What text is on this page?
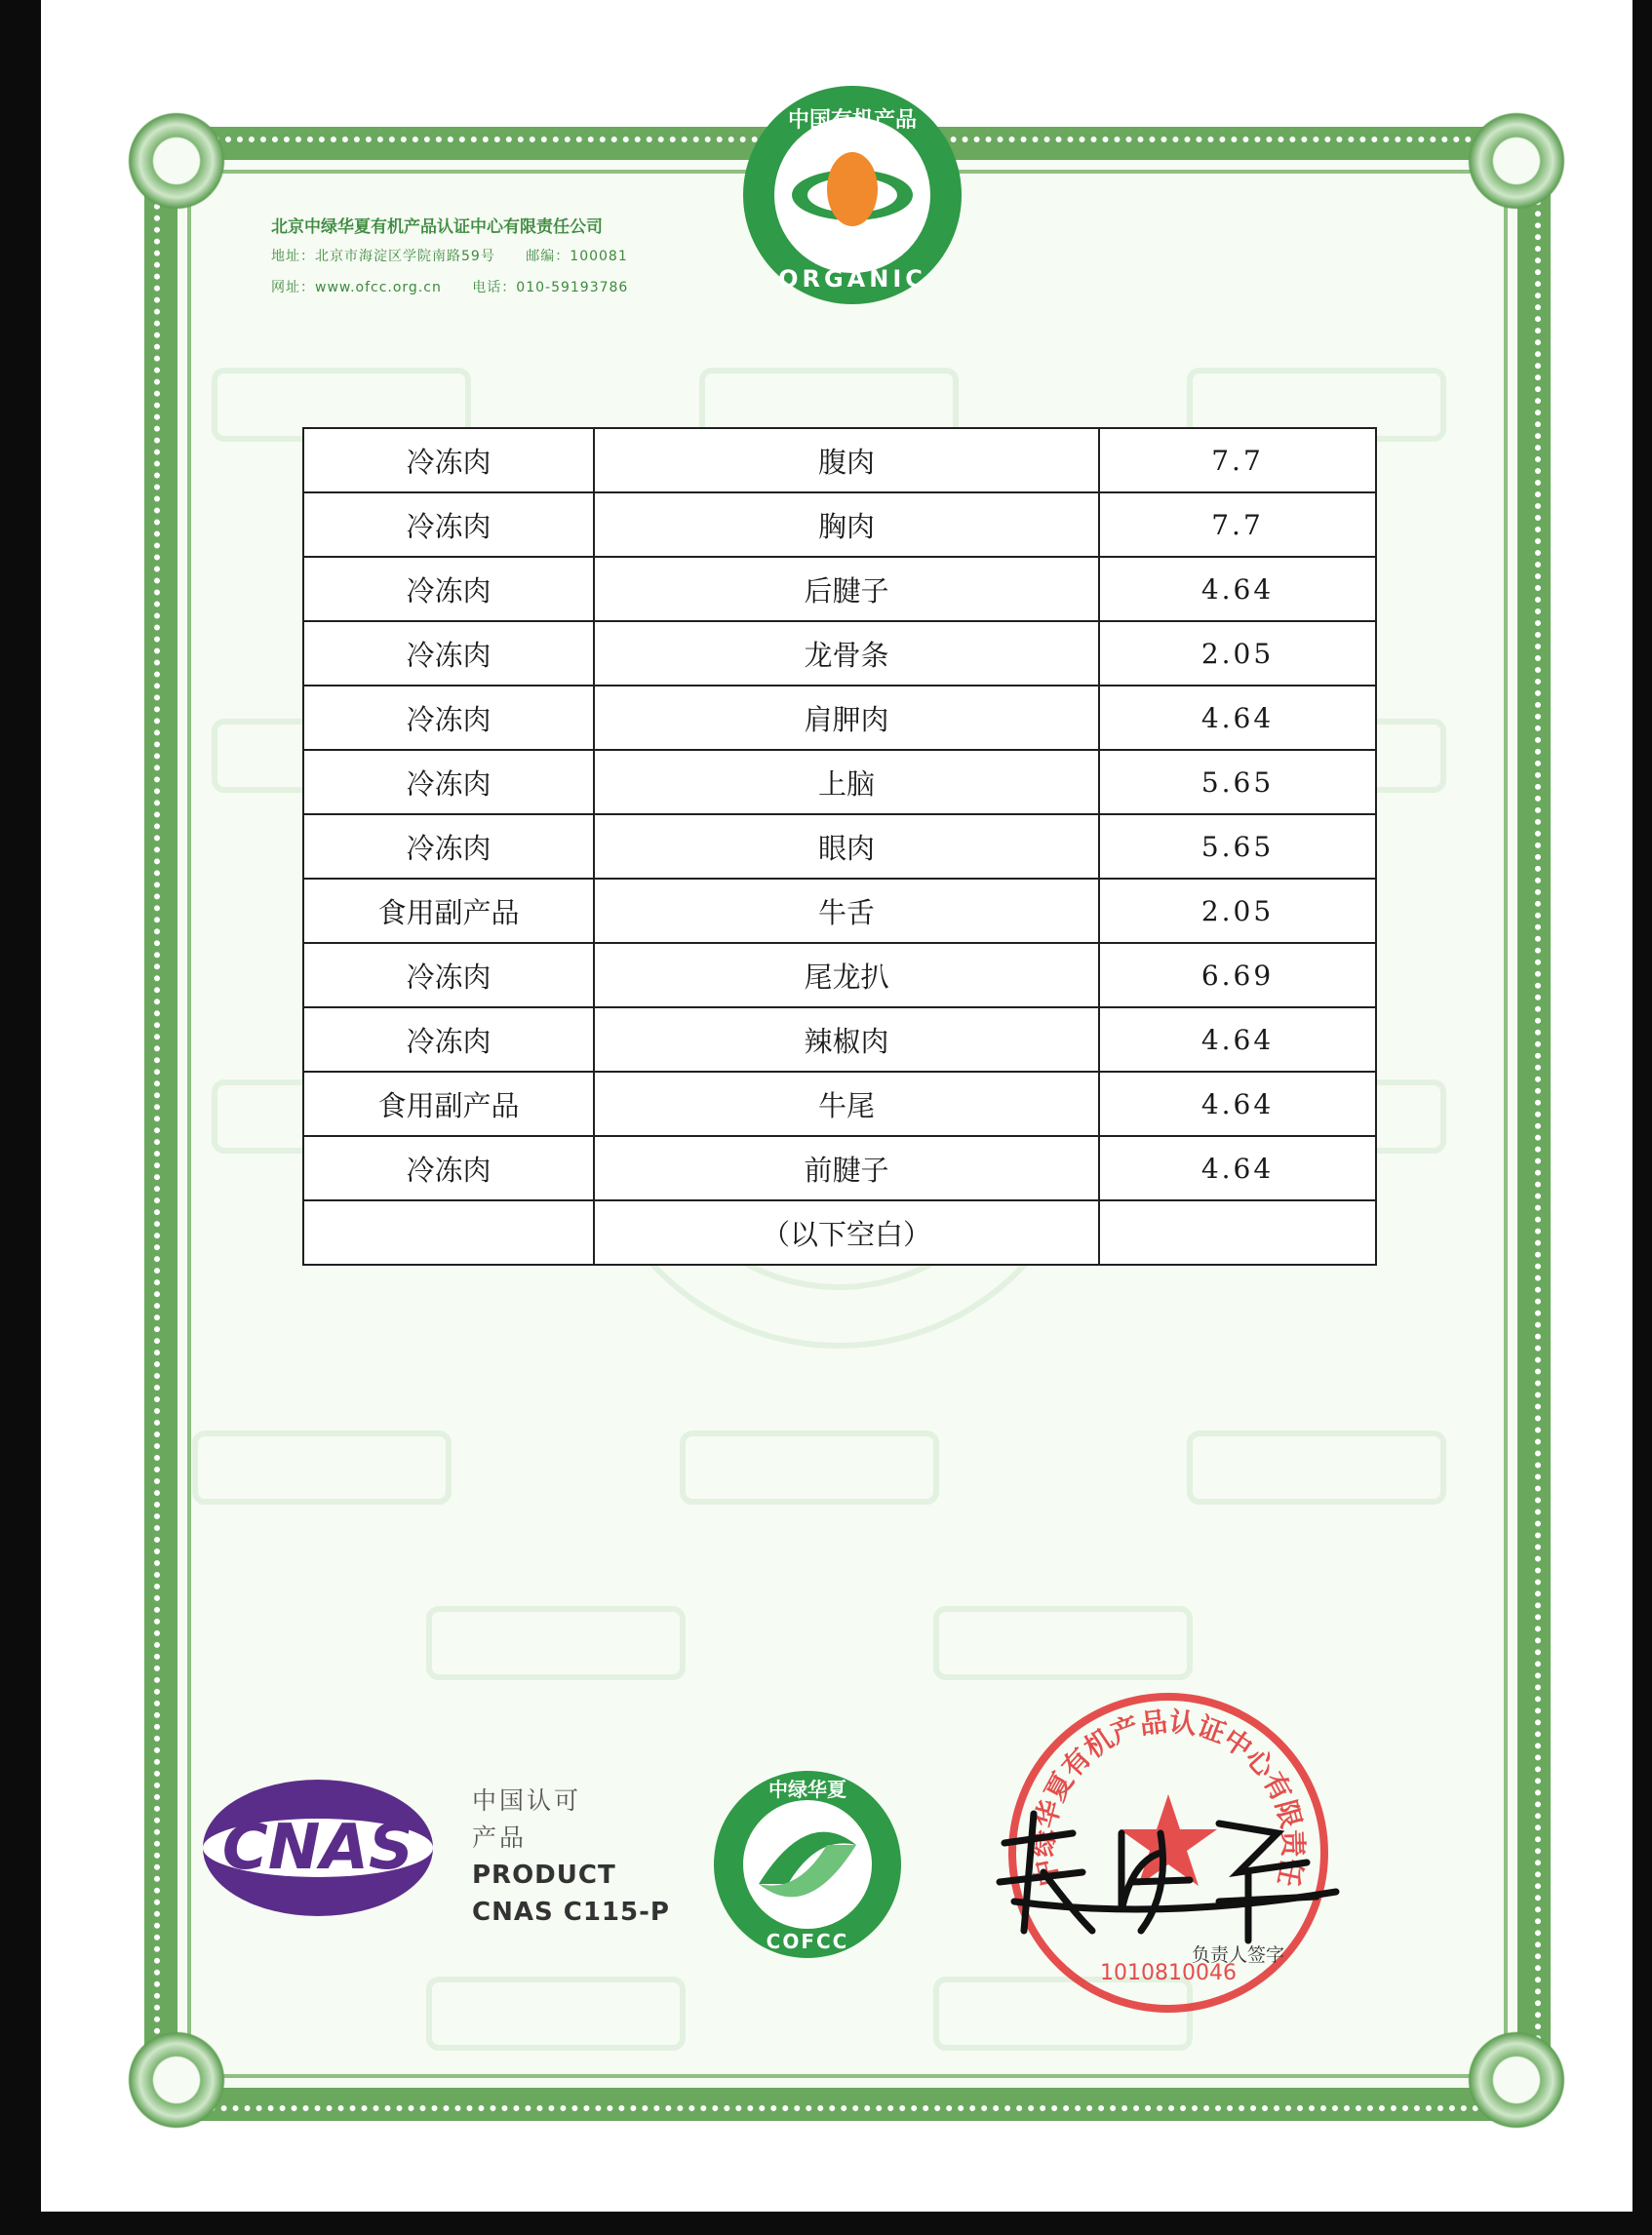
北京中绿华夏有机产品认证中心有限责任公司
地址：北京市海淀区学院南路59号 邮编：100081
网址：www.ofcc.org.cn 电话：010-59193786
中国有机产品
ORGANIC
冷冻肉	腹肉	7.7
冷冻肉	胸肉	7.7
冷冻肉	后腱子	4.64
冷冻肉	龙骨条	2.05
冷冻肉	肩胛肉	4.64
冷冻肉	上脑	5.65
冷冻肉	眼肉	5.65
食用副产品	牛舌	2.05
冷冻肉	尾龙扒	6.69
冷冻肉	辣椒肉	4.64
食用副产品	牛尾	4.64
冷冻肉	前腱子	4.64
	（以下空白）	
CNAS
中国认可
产品
PRODUCT
CNAS C115-P
中绿华夏
COFCC
中绿华夏有机产品认证中心有限责任
1010810046
负责人签字
